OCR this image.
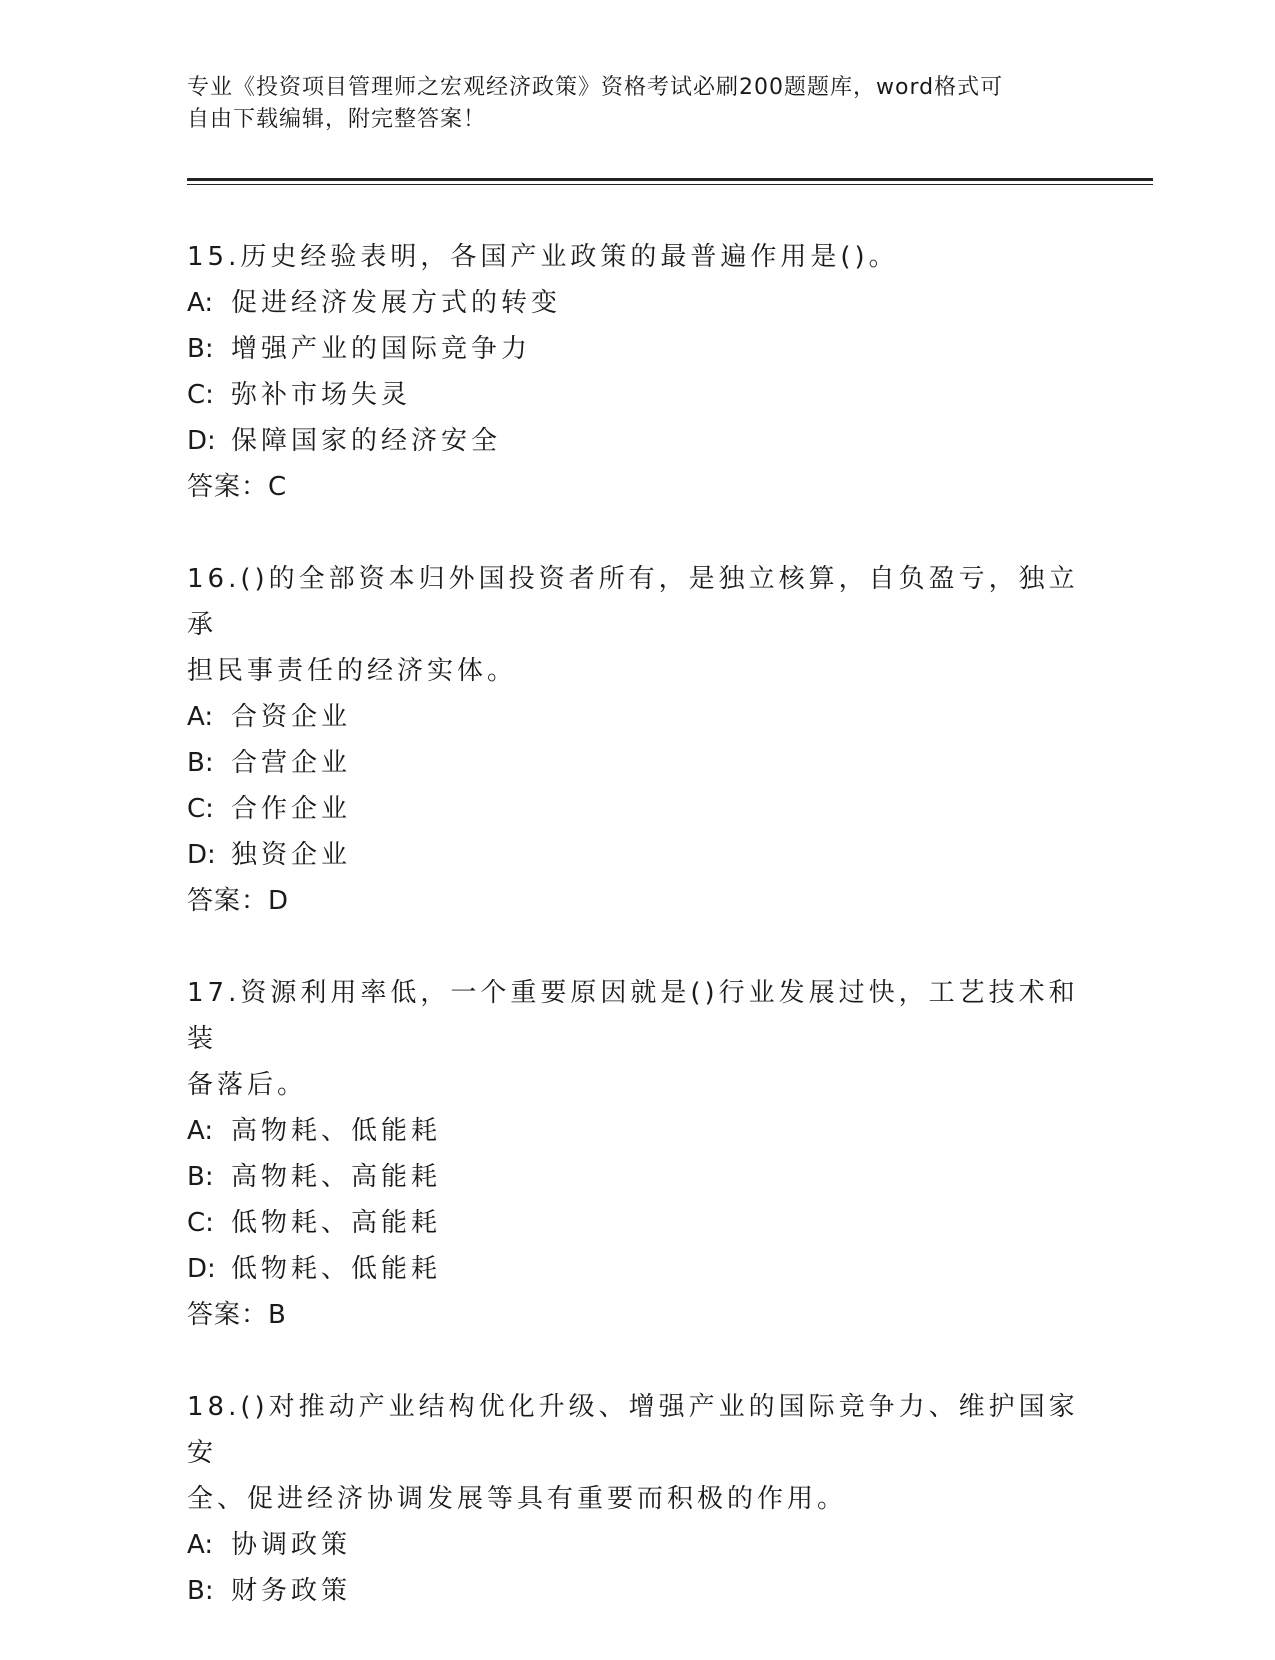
专业《投资项目管理师之宏观经济政策》资格考试必刷200题题库，word格式可
自由下载编辑，附完整答案！

15.历史经验表明，各国产业政策的最普遍作用是()。

A: 促进经济发展方式的转变

B: 增强产业的国际竞争力

C: 弥补市场失灵

D: 保障国家的经济安全

答案：C

16.()的全部资本归外国投资者所有，是独立核算，自负盈亏，独立承

担民事责任的经济实体。

A: 合资企业

B: 合营企业

C: 合作企业

D: 独资企业

答案：D

17.资源利用率低，一个重要原因就是()行业发展过快，工艺技术和装

备落后。

A: 高物耗、低能耗

B: 高物耗、高能耗

C: 低物耗、高能耗

D: 低物耗、低能耗

答案：B

18.()对推动产业结构优化升级、增强产业的国际竞争力、维护国家安

全、促进经济协调发展等具有重要而积极的作用。

A: 协调政策

B: 财务政策
